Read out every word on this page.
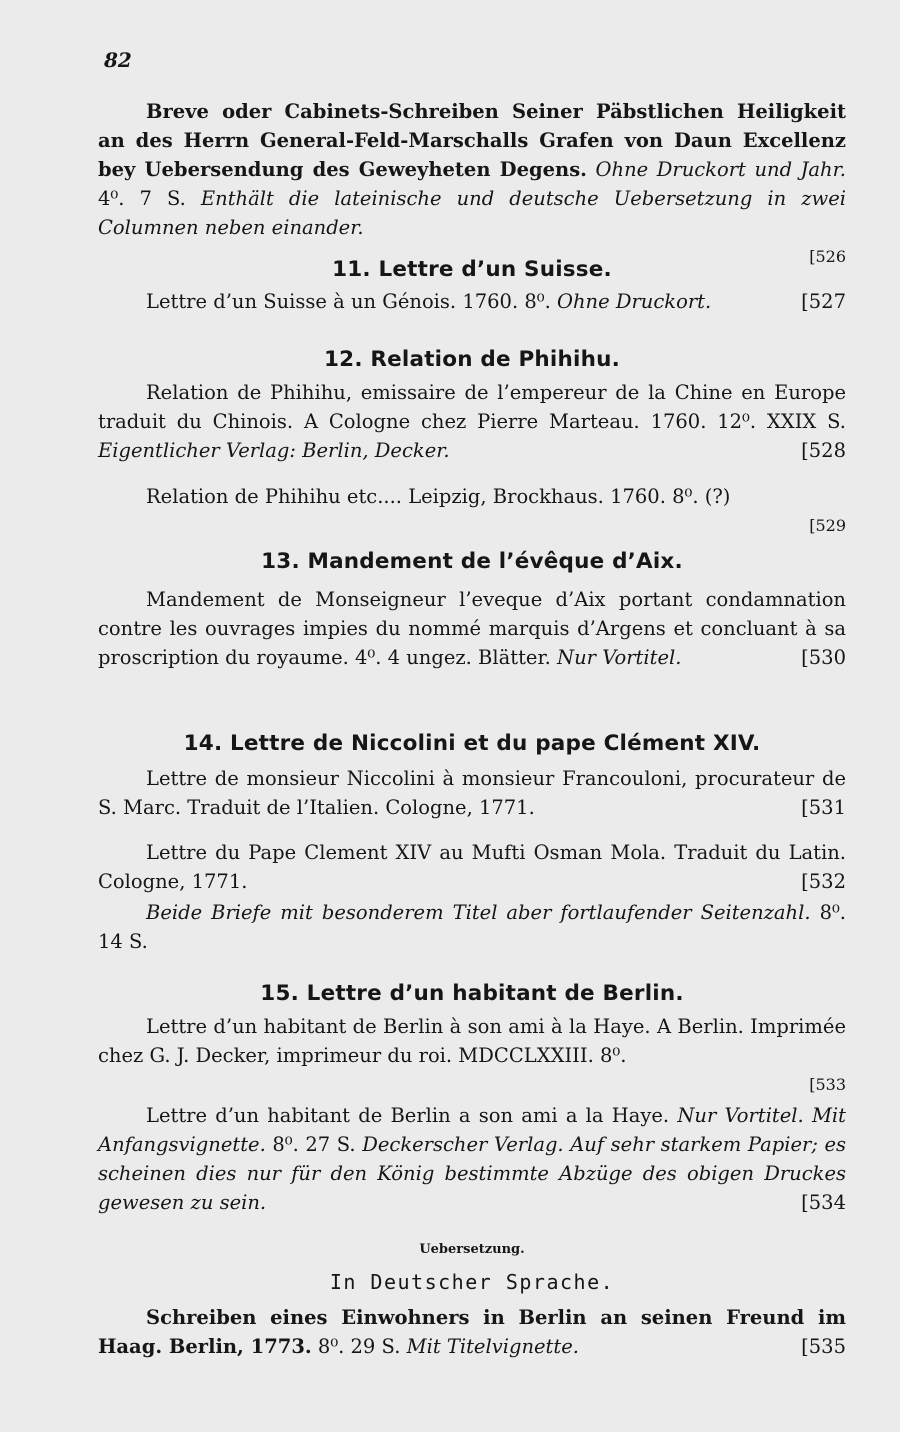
82

Breve oder Cabinets-Schreiben Seiner Päbstlichen Heiligkeit an des Herrn General-Feld-Marschalls Grafen von Daun Excellenz bey Uebersendung des Geweyheten Degens. Ohne Druckort und Jahr. 4⁰. 7 S. Enthält die lateinische und deutsche Uebersetzung in zwei Columnen neben einander.

[526
11. Lettre d’un Suisse.

[527
Lettre d’un Suisse à un Génois. 1760. 8⁰. Ohne Druckort.

12. Relation de Phihihu.

Relation de Phihihu, emissaire de l’empereur de la Chine en Europe traduit du Chinois. A Cologne chez Pierre Marteau. 1760. 12⁰. XXIX S. Eigentlicher Verlag: Berlin, Decker.	[528

Relation de Phihihu etc.... Leipzig, Brockhaus. 1760. 8⁰. (?)

[529
13. Mandement de l’évêque d’Aix.

Mandement de Monseigneur l’eveque d’Aix portant condamnation contre les ouvrages impies du nommé marquis d’Argens et concluant à sa proscription du royaume. 4⁰. 4 ungez. Blätter. Nur Vortitel.	[530

14. Lettre de Niccolini et du pape Clément XIV.

Lettre de monsieur Niccolini à monsieur Francouloni, procurateur de S. Marc. Traduit de l’Italien. Cologne, 1771.	[531

Lettre du Pape Clement XIV au Mufti Osman Mola. Traduit du Latin. Cologne, 1771.	[532

Beide Briefe mit besonderem Titel aber fortlaufender Seitenzahl. 8⁰. 14 S.

15. Lettre d’un habitant de Berlin.

Lettre d’un habitant de Berlin à son ami à la Haye. A Berlin. Imprimée chez G. J. Decker, imprimeur du roi. MDCCLXXIII. 8⁰.

[533

Lettre d’un habitant de Berlin a son ami a la Haye. Nur Vortitel. Mit Anfangsvignette. 8⁰. 27 S. Deckerscher Verlag. Auf sehr starkem Papier; es scheinen dies nur für den König bestimmte Abzüge des obigen Druckes gewesen zu sein.	[534

Uebersetzung.
In Deutscher Sprache.

Schreiben eines Einwohners in Berlin an seinen Freund im Haag. Berlin, 1773. 8⁰. 29 S. Mit Titelvignette.	[535
